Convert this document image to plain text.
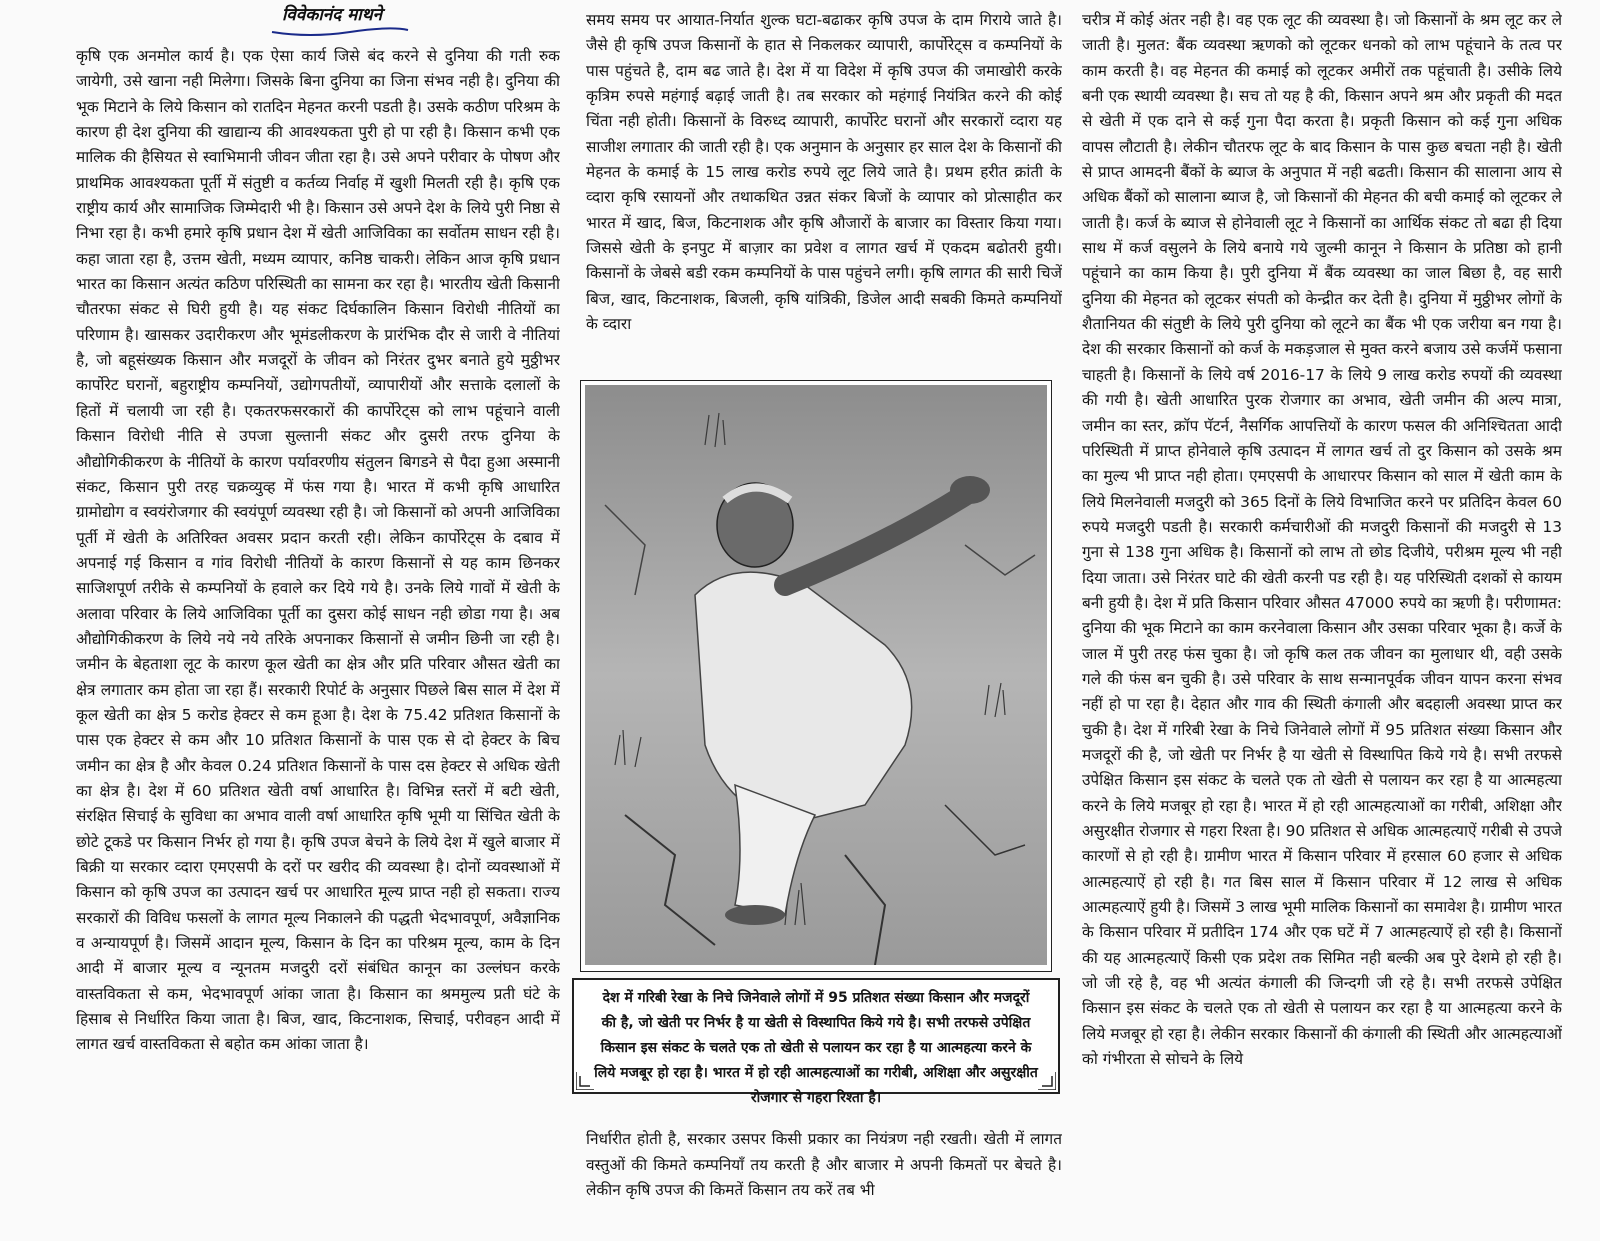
विवेकानंद माथने

कृषि एक अनमोल कार्य है। एक ऐसा कार्य जिसे बंद करने से दुनिया की गती रुक जायेगी, उसे खाना नही मिलेगा। जिसके बिना दुनिया का जिना संभव नही है। दुनिया की भूक मिटाने के लिये किसान को रातदिन मेहनत करनी पडती है। उसके कठीण परिश्रम के कारण ही देश दुनिया की खाद्यान्य की आवश्यकता पुरी हो पा रही है। किसान कभी एक मालिक की हैसियत से स्वाभिमानी जीवन जीता रहा है। उसे अपने परीवार के पोषण और प्राथमिक आवश्यकता पूर्ती में संतुष्टी व कर्तव्य निर्वाह में खुशी मिलती रही है। कृषि एक राष्ट्रीय कार्य और सामाजिक जिम्मेदारी भी है। किसान उसे अपने देश के लिये पुरी निष्ठा से निभा रहा है। कभी हमारे कृषि प्रधान देश में खेती आजिविका का सर्वोतम साधन रही है। कहा जाता रहा है, उत्तम खेती, मध्यम व्यापार, कनिष्ठ चाकरी। लेकिन आज कृषि प्रधान भारत का किसान अत्यंत कठिण परिस्थिती का सामना कर रहा है। भारतीय खेती किसानी चौतरफा संकट से घिरी हुयी है। यह संकट दिर्घकालिन किसान विरोधी नीतियों का परिणाम है। खासकर उदारीकरण और भूमंडलीकरण के प्रारंभिक दौर से जारी वे नीतियां है, जो बहूसंख्यक किसान और मजदूरों के जीवन को निरंतर दुभर बनाते हुये मुठ्ठीभर कार्पोरेट घरानों, बहुराष्ट्रीय कम्पनियों, उद्योगपतीयों, व्यापारीयों और सत्ताके दलालों के हितों में चलायी जा रही है। एकतरफसरकारों की कार्पोरेट्स को लाभ पहूंचाने वाली किसान विरोधी नीति से उपजा सुल्तानी संकट और दुसरी तरफ दुनिया के औद्योगिकीकरण के नीतियों के कारण पर्यावरणीय संतुलन बिगडने से पैदा हुआ अस्मानी संकट, किसान पुरी तरह चक्रव्युव्ह में फंस गया है। भारत में कभी कृषि आधारित ग्रामोद्योग व स्वयंरोजगार की स्वयंपूर्ण व्यवस्था रही है। जो किसानों को अपनी आजिविका पूर्ती में खेती के अतिरिक्त अवसर प्रदान करती रही। लेकिन कार्पोरेट्स के दबाव में अपनाई गई किसान व गांव विरोधी नीतियों के कारण किसानों से यह काम छिनकर साजिशपूर्ण तरीके से कम्पनियों के हवाले कर दिये गये है। उनके लिये गावों में खेती के अलावा परिवार के लिये आजिविका पूर्ती का दुसरा कोई साधन नही छोडा गया है। अब औद्योगिकीकरण के लिये नये नये तरिके अपनाकर किसानों से जमीन छिनी जा रही है। जमीन के बेहताशा लूट के कारण कूल खेती का क्षेत्र और प्रति परिवार औसत खेती का क्षेत्र लगातार कम होता जा रहा हैं। सरकारी रिपोर्ट के अनुसार पिछले बिस साल में देश में कूल खेती का क्षेत्र 5 करोड हेक्टर से कम हूआ है। देश के 75.42 प्रतिशत किसानों के पास एक हेक्टर से कम और 10 प्रतिशत किसानों के पास एक से दो हेक्टर के बिच जमीन का क्षेत्र है और केवल 0.24 प्रतिशत किसानों के पास दस हेक्टर से अधिक खेती का क्षेत्र है। देश में 60 प्रतिशत खेती वर्षा आधारित है। विभिन्न स्तरों में बटी खेती, संरक्षित सिचाई के सुविधा का अभाव वाली वर्षा आधारित कृषि भूमी या सिंचित खेती के छोटे टूकडे पर किसान निर्भर हो गया है। कृषि उपज बेचने के लिये देश में खुले बाजार में बिक्री या सरकार व्दारा एमएसपी के दरों पर खरीद की व्यवस्था है। दोनों व्यवस्थाओं में किसान को कृषि उपज का उत्पादन खर्च पर आधारित मूल्य प्राप्त नही हो सकता। राज्य सरकारों की विविध फसलों के लागत मूल्य निकालने की पद्धती भेदभावपूर्ण, अवैज्ञानिक व अन्यायपूर्ण है। जिसमें आदान मूल्य, किसान के दिन का परिश्रम मूल्य, काम के दिन आदी में बाजार मूल्य व न्यूनतम मजदुरी दरों संबंधित कानून का उल्लंघन करके वास्तविकता से कम, भेदभावपूर्ण आंका जाता है। किसान का श्रममुल्य प्रती घंटे के हिसाब से निर्धारित किया जाता है। बिज, खाद, किटनाशक, सिचाई, परीवहन आदी में लागत खर्च वास्तविकता से बहोत कम आंका जाता है।

समय समय पर आयात-निर्यात शुल्क घटा-बढाकर कृषि उपज के दाम गिराये जाते है। जैसे ही कृषि उपज किसानों के हात से निकलकर व्यापारी, कार्पोरेट्स व कम्पनियों के पास पहुंचते है, दाम बढ जाते है। देश में या विदेश में कृषि उपज की जमाखोरी करके कृत्रिम रुपसे महंगाई बढ़ाई जाती है। तब सरकार को महंगाई नियंत्रित करने की कोई चिंता नही होती। किसानों के विरुध्द व्यापारी, कार्पोरेट घरानों और सरकारों व्दारा यह साजीश लगातार की जाती रही है। एक अनुमान के अनुसार हर साल देश के किसानों की मेहनत के कमाई के 15 लाख करोड रुपये लूट लिये जाते है। प्रथम हरीत क्रांती के व्दारा कृषि रसायनों और तथाकथित उन्नत संकर बिजों के व्यापार को प्रोत्साहीत कर भारत में खाद, बिज, किटनाशक और कृषि औजारों के बाजार का विस्तार किया गया। जिससे खेती के इनपुट में बाज़ार का प्रवेश व लागत खर्च में एकदम बढोतरी हुयी। किसानों के जेबसे बडी रकम कम्पनियों के पास पहुंचने लगी। कृषि लागत की सारी चिजें बिज, खाद, किटनाशक, बिजली, कृषि यांत्रिकी, डिजेल आदी सबकी किमते कम्पनियों के व्दारा

देश में गरिबी रेखा के निचे जिनेवाले लोगों में 95 प्रतिशत संख्या किसान और मजदूरों की है, जो खेती पर निर्भर है या खेती से विस्थापित किये गये है। सभी तरफसे उपेक्षित किसान इस संकट के चलते एक तो खेती से पलायन कर रहा है या आत्महत्या करने के लिये मजबूर हो रहा है। भारत में हो रही आत्महत्याओं का गरीबी, अशिक्षा और असुरक्षीत रोजगार से गहरा रिश्ता है।

निर्धारीत होती है, सरकार उसपर किसी प्रकार का नियंत्रण नही रखती। खेती में लागत वस्तुओं की किमते कम्पनियाँ तय करती है और बाजार मे अपनी किमतों पर बेचते है। लेकीन कृषि उपज की किमतें किसान तय करें तब भी

चरीत्र में कोई अंतर नही है। वह एक लूट की व्यवस्था है। जो किसानों के श्रम लूट कर ले जाती है। मुलत: बैंक व्यवस्था ऋणको को लूटकर धनको को लाभ पहूंचाने के तत्व पर काम करती है। वह मेहनत की कमाई को लूटकर अमीरों तक पहूंचाती है। उसीके लिये बनी एक स्थायी व्यवस्था है। सच तो यह है की, किसान अपने श्रम और प्रकृती की मदत से खेती में एक दाने से कई गुना पैदा करता है। प्रकृती किसान को कई गुना अधिक वापस लौटाती है। लेकीन चौतरफ लूट के बाद किसान के पास कुछ बचता नही है। खेती से प्राप्त आमदनी बैंकों के ब्याज के अनुपात में नही बढती। किसान की सालाना आय से अधिक बैंकों को सालाना ब्याज है, जो किसानों की मेहनत की बची कमाई को लूटकर ले जाती है। कर्ज के ब्याज से होनेवाली लूट ने किसानों का आर्थिक संकट तो बढा ही दिया साथ में कर्ज वसुलने के लिये बनाये गये जुल्मी कानून ने किसान के प्रतिष्ठा को हानी पहूंचाने का काम किया है। पुरी दुनिया में बैंक व्यवस्था का जाल बिछा है, वह सारी दुनिया की मेहनत को लूटकर संपती को केन्द्रीत कर देती है। दुनिया में मुठ्ठीभर लोगों के शैतानियत की संतुष्टी के लिये पुरी दुनिया को लूटने का बैंक भी एक जरीया बन गया है। देश की सरकार किसानों को कर्ज के मकड़जाल से मुक्त करने बजाय उसे कर्जमें फसाना चाहती है। किसानों के लिये वर्ष 2016-17 के लिये 9 लाख करोड रुपयों की व्यवस्था की गयी है। खेती आधारित पुरक रोजगार का अभाव, खेती जमीन की अल्प मात्रा, जमीन का स्तर, क्रॉप पॅटर्न, नैसर्गिक आपत्तियों के कारण फसल की अनिश्चितता आदी परिस्थिती में प्राप्त होनेवाले कृषि उत्पादन में लागत खर्च तो दुर किसान को उसके श्रम का मुल्य भी प्राप्त नही होता। एमएसपी के आधारपर किसान को साल में खेती काम के लिये मिलनेवाली मजदुरी को 365 दिनों के लिये विभाजित करने पर प्रतिदिन केवल 60 रुपये मजदुरी पडती है। सरकारी कर्मचारीओं की मजदुरी किसानों की मजदुरी से 13 गुना से 138 गुना अधिक है। किसानों को लाभ तो छोड दिजीये, परीश्रम मूल्य भी नही दिया जाता। उसे निरंतर घाटे की खेती करनी पड रही है। यह परिस्थिती दशकों से कायम बनी हुयी है। देश में प्रति किसान परिवार औसत 47000 रुपये का ऋणी है। परीणामत: दुनिया की भूक मिटाने का काम करनेवाला किसान और उसका परिवार भूका है। कर्जे के जाल में पुरी तरह फंस चुका है। जो कृषि कल तक जीवन का मुलाधार थी, वही उसके गले की फंस बन चुकी है। उसे परिवार के साथ सन्मानपूर्वक जीवन यापन करना संभव नहीं हो पा रहा है। देहात और गाव की स्थिती कंगाली और बदहाली अवस्था प्राप्त कर चुकी है। देश में गरिबी रेखा के निचे जिनेवाले लोगों में 95 प्रतिशत संख्या किसान और मजदूरों की है, जो खेती पर निर्भर है या खेती से विस्थापित किये गये है। सभी तरफसे उपेक्षित किसान इस संकट के चलते एक तो खेती से पलायन कर रहा है या आत्महत्या करने के लिये मजबूर हो रहा है। भारत में हो रही आत्महत्याओं का गरीबी, अशिक्षा और असुरक्षीत रोजगार से गहरा रिश्ता है। 90 प्रतिशत से अधिक आत्महत्याऐं गरीबी से उपजे कारणों से हो रही है। ग्रामीण भारत में किसान परिवार में हरसाल 60 हजार से अधिक आत्महत्याऐं हो रही है। गत बिस साल में किसान परिवार में 12 लाख से अधिक आत्महत्याऐं हुयी है। जिसमें 3 लाख भूमी मालिक किसानों का समावेश है। ग्रामीण भारत के किसान परिवार में प्रतीदिन 174 और एक घटें में 7 आत्महत्याऐं हो रही है। किसानों की यह आत्महत्याऐं किसी एक प्रदेश तक सिमित नही बल्की अब पुरे देशमे हो रही है। जो जी रहे है, वह भी अत्यंत कंगाली की जिन्दगी जी रहे है। सभी तरफसे उपेक्षित किसान इस संकट के चलते एक तो खेती से पलायन कर रहा है या आत्महत्या करने के लिये मजबूर हो रहा है। लेकीन सरकार किसानों की कंगाली की स्थिती और आत्महत्याओं को गंभीरता से सोचने के लिये
